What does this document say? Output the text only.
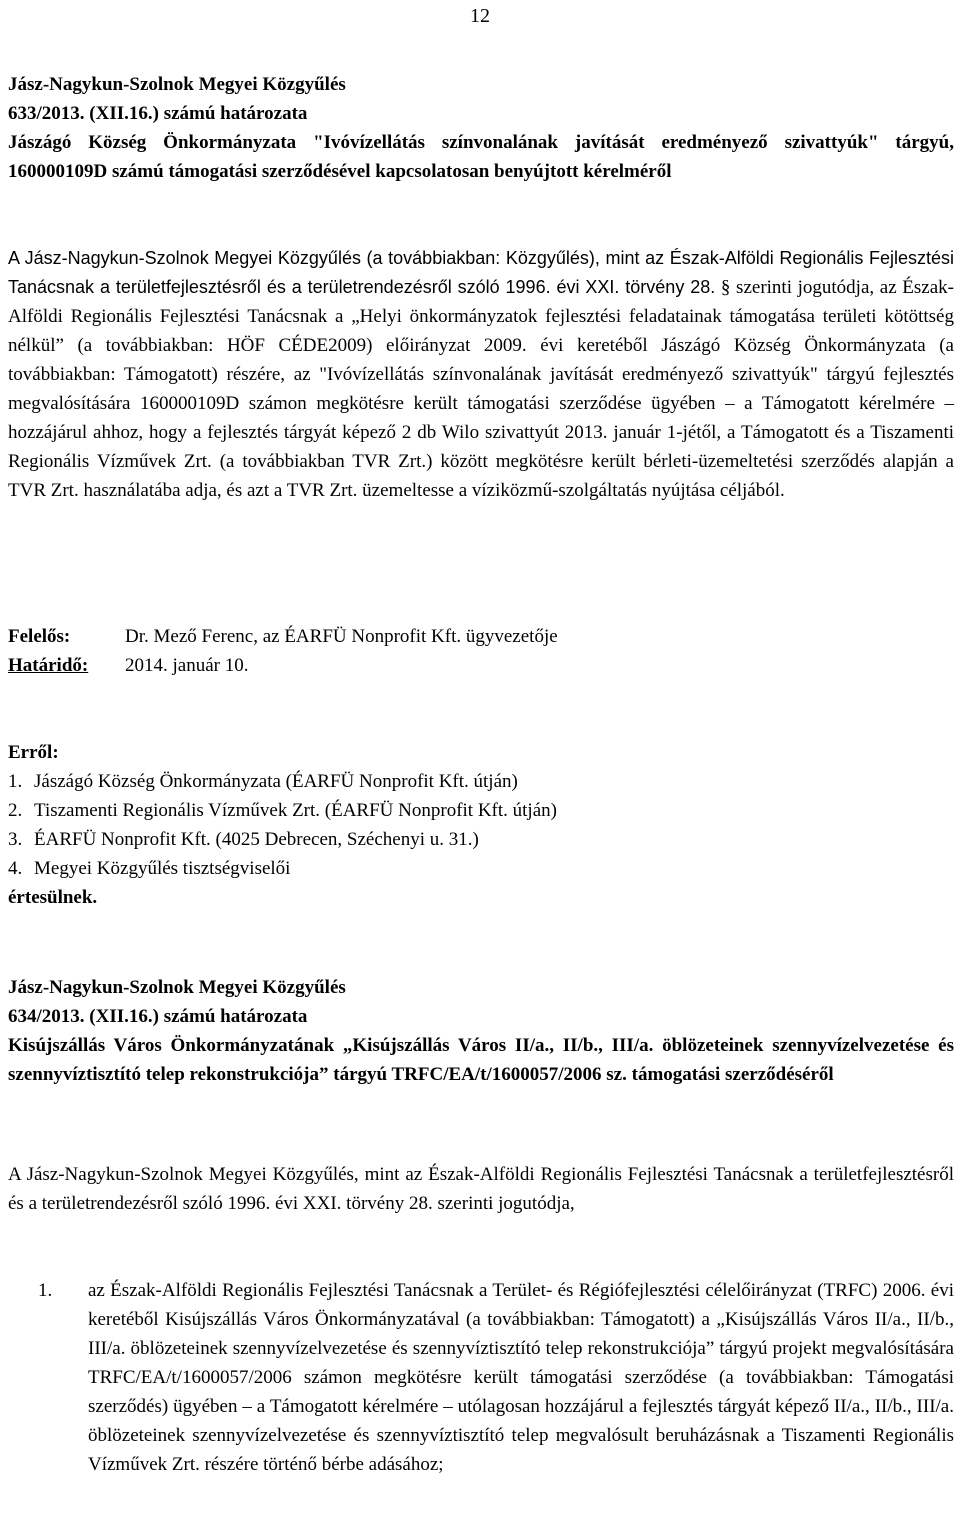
12

Jász-Nagykun-Szolnok Megyei Közgyűlés

633/2013. (XII.16.) számú határozata

Jászágó Község Önkormányzata "Ivóvízellátás színvonalának javítását eredményező szivattyúk" tárgyú, 160000109D számú támogatási szerződésével kapcsolatosan benyújtott kérelméről

A Jász-Nagykun-Szolnok Megyei Közgyűlés (a továbbiakban: Közgyűlés), mint az Észak-Alföldi Regionális Fejlesztési Tanácsnak a területfejlesztésről és a területrendezésről szóló 1996. évi XXI. törvény 28. § szerinti jogutódja, az Észak-Alföldi Regionális Fejlesztési Tanácsnak a „Helyi önkormányzatok fejlesztési feladatainak támogatása területi kötöttség nélkül” (a továbbiakban: HÖF CÉDE2009) előirányzat 2009. évi keretéből Jászágó Község Önkormányzata (a továbbiakban: Támogatott) részére, az "Ivóvízellátás színvonalának javítását eredményező szivattyúk" tárgyú fejlesztés megvalósítására 160000109D számon megkötésre került támogatási szerződése ügyében – a Támogatott kérelmére – hozzájárul ahhoz, hogy a fejlesztés tárgyát képező 2 db Wilo szivattyút 2013. január 1-jétől, a Támogatott és a Tiszamenti Regionális Vízművek Zrt. (a továbbiakban TVR Zrt.) között megkötésre került bérleti-üzemeltetési szerződés alapján a TVR Zrt. használatába adja, és azt a TVR Zrt. üzemeltesse a víziközmű-szolgáltatás nyújtása céljából.
Felelős:	Dr. Mező Ferenc, az ÉARFÜ Nonprofit Kft. ügyvezetője
Határidő:	2014. január 10.

Erről:

1. Jászágó Község Önkormányzata (ÉARFÜ Nonprofit Kft. útján)
2. Tiszamenti Regionális Vízművek Zrt. (ÉARFÜ Nonprofit Kft. útján)
3. ÉARFÜ Nonprofit Kft. (4025 Debrecen, Széchenyi u. 31.)
4. Megyei Közgyűlés tisztségviselői

értesülnek.

Jász-Nagykun-Szolnok Megyei Közgyűlés

634/2013. (XII.16.) számú határozata

Kisújszállás Város Önkormányzatának „Kisújszállás Város II/a., II/b., III/a. öblözeteinek szennyvízelvezetése és szennyvíztisztító telep rekonstrukciója” tárgyú TRFC/EA/t/1600057/2006 sz. támogatási szerződéséről

A Jász-Nagykun-Szolnok Megyei Közgyűlés, mint az Észak-Alföldi Regionális Fejlesztési Tanácsnak a területfejlesztésről és a területrendezésről szóló 1996. évi XXI. törvény 28. szerinti jogutódja,

1.	az Észak-Alföldi Regionális Fejlesztési Tanácsnak a Terület- és Régiófejlesztési célelőirányzat (TRFC) 2006. évi keretéből Kisújszállás Város Önkormányzatával (a továbbiakban: Támogatott) a „Kisújszállás Város II/a., II/b., III/a. öblözeteinek szennyvízelvezetése és szennyvíztisztító telep rekonstrukciója” tárgyú projekt megvalósítására TRFC/EA/t/1600057/2006 számon megkötésre került támogatási szerződése (a továbbiakban: Támogatási szerződés) ügyében – a Támogatott kérelmére – utólagosan hozzájárul a fejlesztés tárgyát képező II/a., II/b., III/a. öblözeteinek szennyvízelvezetése és szennyvíztisztító telep megvalósult beruházásnak a Tiszamenti Regionális Vízművek Zrt. részére történő bérbe adásához;
